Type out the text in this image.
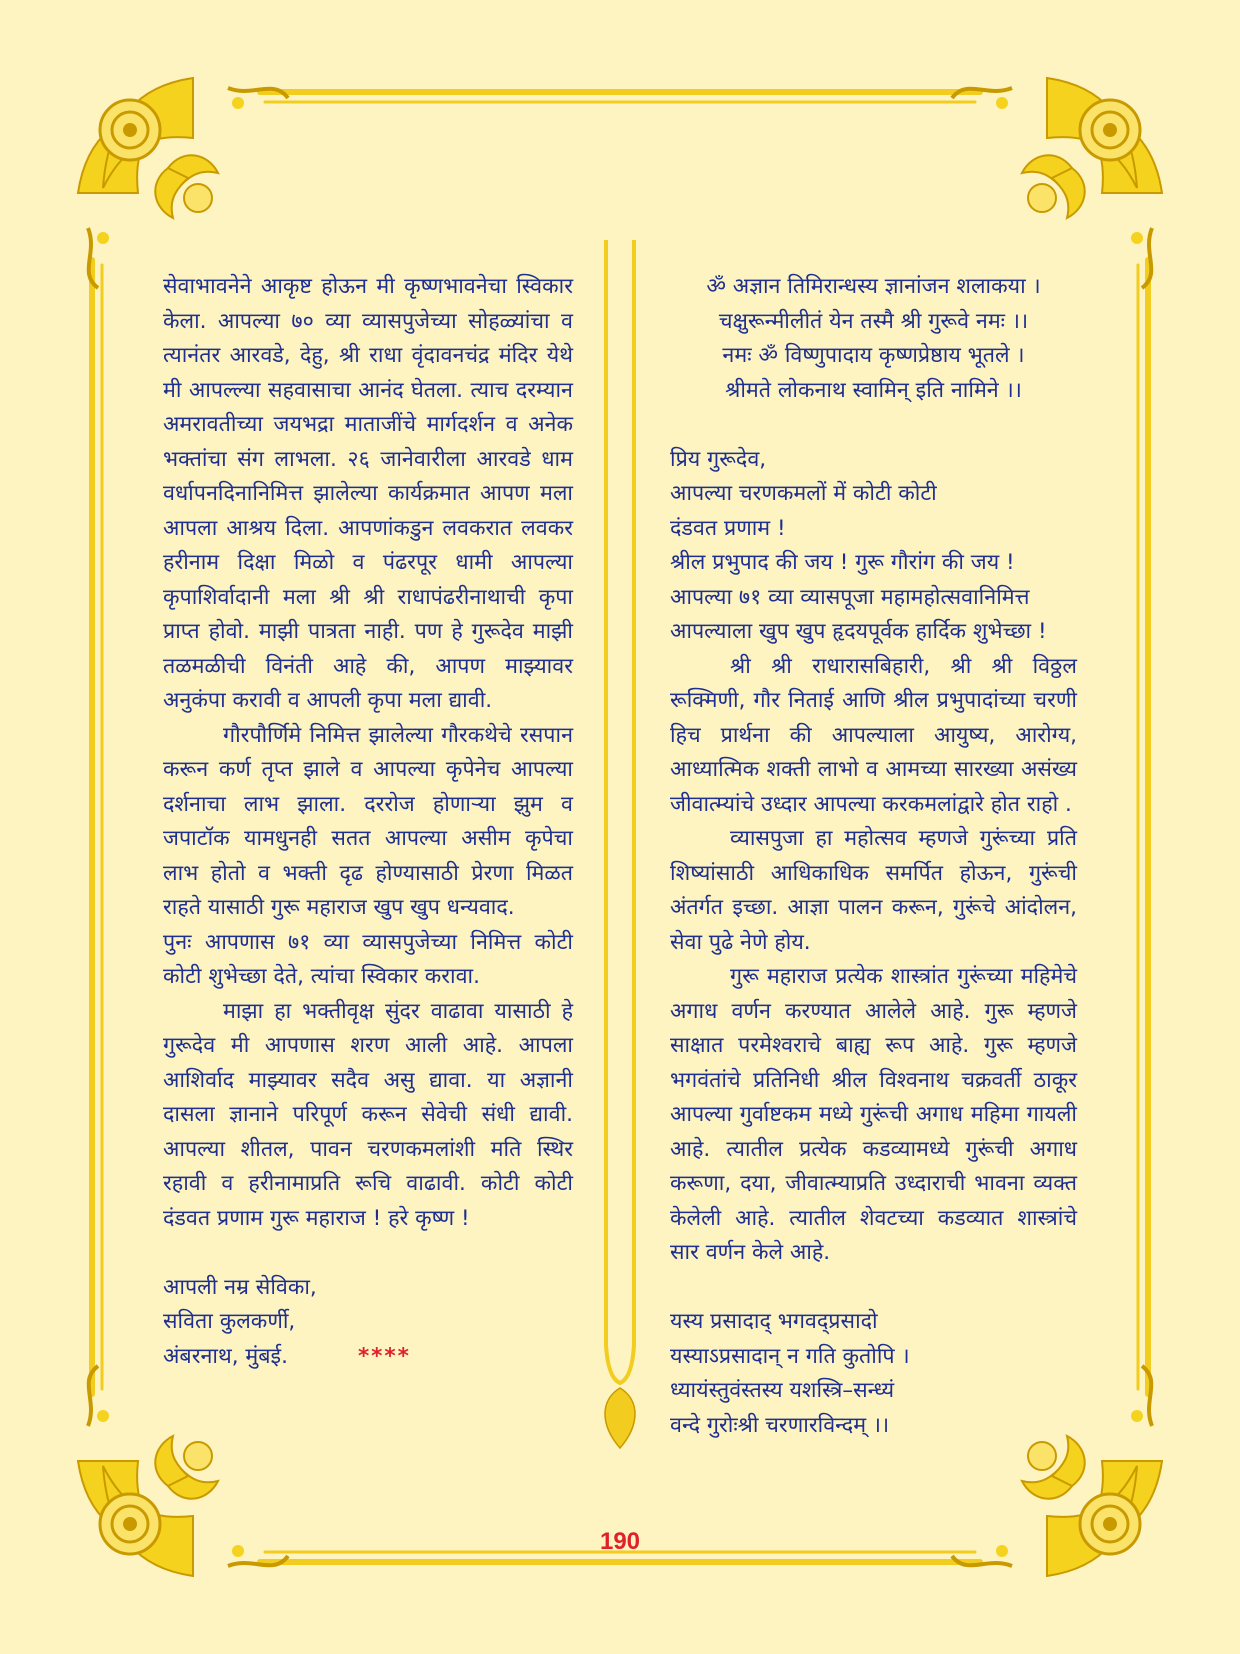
सेवाभावनेने आकृष्ट होऊन मी कृष्णभावनेचा स्विकार केला. आपल्या ७० व्या व्यासपुजेच्या सोहळ्यांचा व त्यानंतर आरवडे, देहु, श्री राधा वृंदावनचंद्र मंदिर येथे मी आपल्ल्या सहवासाचा आनंद घेतला. त्याच दरम्यान अमरावतीच्या जयभद्रा माताजींचे मार्गदर्शन व अनेक भक्तांचा संग लाभला. २६ जानेवारीला आरवडे धाम वर्धापनदिनानिमित्त झालेल्या कार्यक्रमात आपण मला आपला आश्रय दिला. आपणांकडुन लवकरात लवकर हरीनाम दिक्षा मिळो व पंढरपूर धामी आपल्या कृपाशिर्वादानी मला श्री श्री राधापंढरीनाथाची कृपा प्राप्त होवो. माझी पात्रता नाही. पण हे गुरूदेव माझी तळमळीची विनंती आहे की, आपण माझ्यावर अनुकंपा करावी व आपली कृपा मला द्यावी.

गौरपौर्णिमे निमित्त झालेल्या गौरकथेचे रसपान करून कर्ण तृप्त झाले व आपल्या कृपेनेच आपल्या दर्शनाचा लाभ झाला. दररोज होणाऱ्या झुम व जपाटॉक यामधुनही सतत आपल्या असीम कृपेचा लाभ होतो व भक्ती दृढ होण्यासाठी प्रेरणा मिळत राहते यासाठी गुरू महाराज खुप खुप धन्यवाद.

पुनः आपणास ७१ व्या व्यासपुजेच्या निमित्त कोटी कोटी शुभेच्छा देते, त्यांचा स्विकार करावा.

माझा हा भक्तीवृक्ष सुंदर वाढावा यासाठी हे गुरूदेव मी आपणास शरण आली आहे. आपला आशिर्वाद माझ्यावर सदैव असु द्यावा. या अज्ञानी दासला ज्ञानाने परिपूर्ण करून सेवेची संधी द्यावी. आपल्या शीतल, पावन चरणकमलांशी मति स्थिर रहावी व हरीनामाप्रति रूचि वाढावी. कोटी कोटी दंडवत प्रणाम गुरू महाराज ! हरे कृष्ण !

आपली नम्र सेविका,
सविता कुलकर्णी,
अंबरनाथ, मुंबई.	****
ॐ अज्ञान तिमिरान्धस्य ज्ञानांजन शलाकया ।
चक्षुरून्मीलीतं येन तस्मै श्री गुरूवे नमः ।।
नमः ॐ विष्णुपादाय कृष्णप्रेष्ठाय भूतले ।
श्रीमते लोकनाथ स्वामिन् इति नामिने ।।
प्रिय गुरूदेव,
आपल्या चरणकमलों में कोटी कोटी
दंडवत प्रणाम !
श्रील प्रभुपाद की जय ! गुरू गौरांग की जय !
आपल्या ७१ व्या व्यासपूजा महामहोत्सवानिमित्त
आपल्याला खुप खुप हृदयपूर्वक हार्दिक शुभेच्छा !

श्री श्री राधारासबिहारी, श्री श्री विठ्ठल रूक्मिणी, गौर निताई आणि श्रील प्रभुपादांच्या चरणी हिच प्रार्थना की आपल्याला आयुष्य, आरोग्य, आध्यात्मिक शक्ती लाभो व आमच्या सारख्या असंख्य जीवात्म्यांचे उध्दार आपल्या करकमलांद्वारे होत राहो .

व्यासपुजा हा महोत्सव म्हणजे गुरूंच्या प्रति शिष्यांसाठी आधिकाधिक समर्पित होऊन, गुरूंची अंतर्गत इच्छा. आज्ञा पालन करून, गुरूंचे आंदोलन, सेवा पुढे नेणे होय.

गुरू महाराज प्रत्येक शास्त्रांत गुरूंच्या महिमेचे अगाध वर्णन करण्यात आलेले आहे. गुरू म्हणजे साक्षात परमेश्वराचे बाह्य रूप आहे. गुरू म्हणजे भगवंतांचे प्रतिनिधी श्रील विश्वनाथ चक्रवर्ती ठाकूर आपल्या गुर्वाष्टकम मध्ये गुरूंची अगाध महिमा गायली आहे. त्यातील प्रत्येक कडव्यामध्ये गुरूंची अगाध करूणा, दया, जीवात्म्याप्रति उध्दाराची भावना व्यक्त केलेली आहे. त्यातील शेवटच्या कडव्यात शास्त्रांचे सार वर्णन केले आहे.

यस्य प्रसादाद् भगवद्प्रसादो
यस्याऽप्रसादान् न गति कुतोपि ।
ध्यायंस्तुवंस्तस्य यशस्त्रि–सन्ध्यं
वन्दे गुरोःश्री चरणारविन्दम् ।।
190
